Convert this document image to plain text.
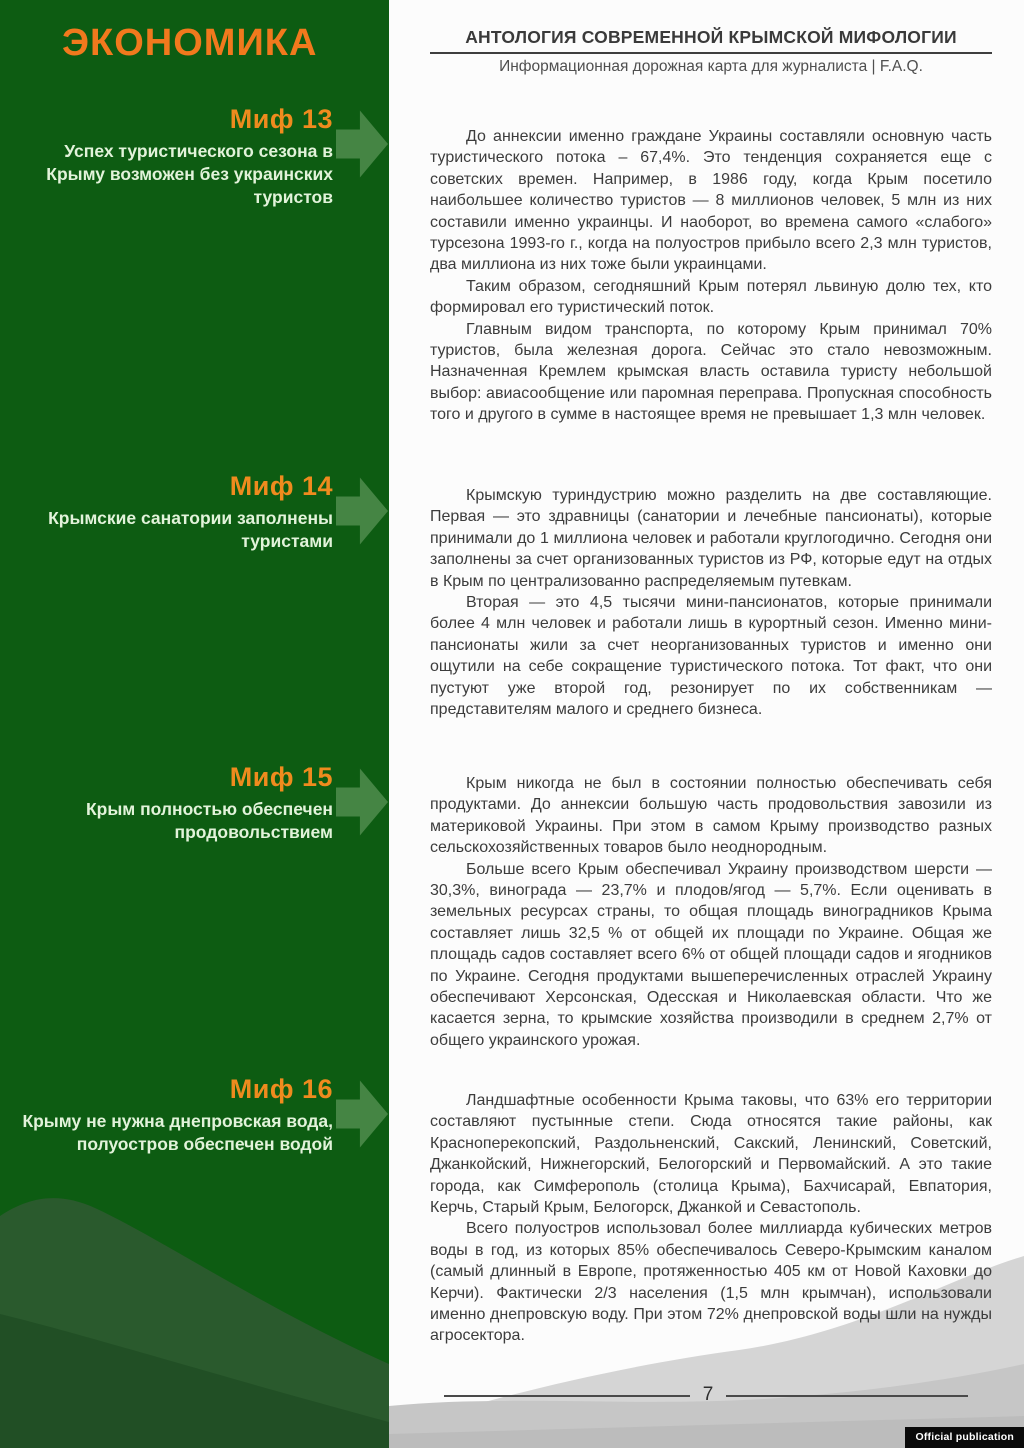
ЭКОНОМИКА
Миф 13
Успех туристического сезона в Крыму возможен без украинских туристов
Миф 14
Крымские санатории заполнены туристами
Миф 15
Крым полностью обеспечен продовольствием
Миф 16
Крыму не нужна днепровская вода, полуостров обеспечен водой
АНТОЛОГИЯ СОВРЕМЕННОЙ КРЫМСКОЙ МИФОЛОГИИ
Информационная дорожная карта для журналиста | F.A.Q.

До аннексии именно граждане Украины составляли основную часть туристического потока – 67,4%. Это тенденция сохраняется еще с советских времен. Например, в 1986 году, когда Крым посетило наибольшее количество туристов — 8 миллионов человек, 5 млн из них составили именно украинцы. И наоборот, во времена самого «слабого» турсезона 1993-го г., когда на полуостров прибыло всего 2,3 млн туристов, два миллиона из них тоже были украинцами.

Таким образом, сегодняшний Крым потерял львиную долю тех, кто формировал его туристический поток.

Главным видом транспорта, по которому Крым принимал 70% туристов, была железная дорога. Сейчас это стало невозможным. Назначенная Кремлем крымская власть оставила туристу небольшой выбор: авиасообщение или паромная переправа. Пропускная способность того и другого в сумме в настоящее время не превышает 1,3 млн человек.

Крымскую туриндустрию можно разделить на две составляющие. Первая — это здравницы (санатории и лечебные пансионаты), которые принимали до 1 миллиона человек и работали круглогодично. Сегодня они заполнены за счет организованных туристов из РФ, которые едут на отдых в Крым по централизованно распределяемым путевкам.

Вторая — это 4,5 тысячи мини-пансионатов, которые принимали более 4 млн человек и работали лишь в курортный сезон. Именно мини-пансионаты жили за счет неорганизованных туристов и именно они ощутили на себе сокращение туристического потока. Тот факт, что они пустуют уже второй год, резонирует по их собственникам — представителям малого и среднего бизнеса.

Крым никогда не был в состоянии полностью обеспечивать себя продуктами. До аннексии большую часть продовольствия завозили из материковой Украины. При этом в самом Крыму производство разных сельскохозяйственных товаров было неоднородным.

Больше всего Крым обеспечивал Украину производством шерсти — 30,3%, винограда — 23,7% и плодов/ягод — 5,7%. Если оценивать в земельных ресурсах страны, то общая площадь виноградников Крыма составляет лишь 32,5 % от общей их площади по Украине. Общая же площадь садов составляет всего 6% от общей площади садов и ягодников по Украине. Сегодня продуктами вышеперечисленных отраслей Украину обеспечивают Херсонская, Одесская и Николаевская области. Что же касается зерна, то крымские хозяйства производили в среднем 2,7% от общего украинского урожая.

Ландшафтные особенности Крыма таковы, что 63% его территории составляют пустынные степи. Сюда относятся такие районы, как Красноперекопский, Раздольненский, Сакский, Ленинский, Советский, Джанкойский, Нижнегорский, Белогорский и Первомайский. А это такие города, как Симферополь (столица Крыма), Бахчисарай, Евпатория, Керчь, Старый Крым, Белогорск, Джанкой и Севастополь.

Всего полуостров использовал более миллиарда кубических метров воды в год, из которых 85% обеспечивалось Северо-Крымским каналом (самый длинный в Европе, протяженностью 405 км от Новой Каховки до Керчи). Фактически 2/3 населения (1,5 млн крымчан), использовали именно днепровскую воду. При этом 72% днепровской воды шли на нужды агросектора.

7
Official publication
